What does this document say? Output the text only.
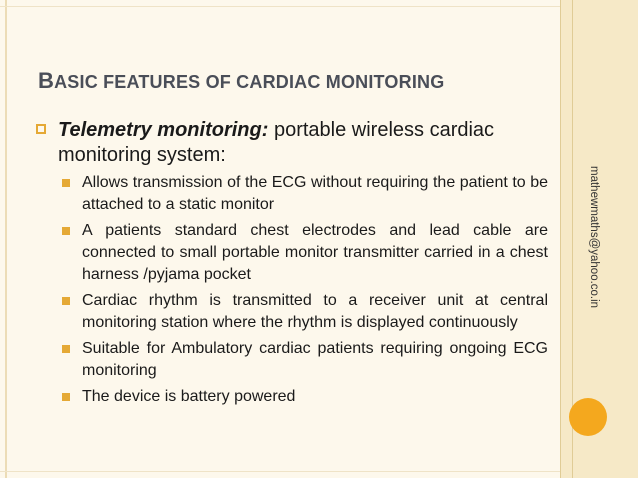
mathewmaths@yahoo.co.in
BASIC FEATURES OF CARDIAC MONITORING
Telemetry monitoring: portable wireless cardiac monitoring system:
Allows transmission of the ECG without requiring the patient to be attached to a static monitor
A patients standard chest electrodes and lead cable are connected to small portable monitor transmitter carried in a chest harness /pyjama pocket
Cardiac rhythm is transmitted to a receiver unit at central monitoring station where the rhythm is displayed continuously
Suitable for Ambulatory cardiac patients requiring ongoing ECG monitoring
The device is battery powered
